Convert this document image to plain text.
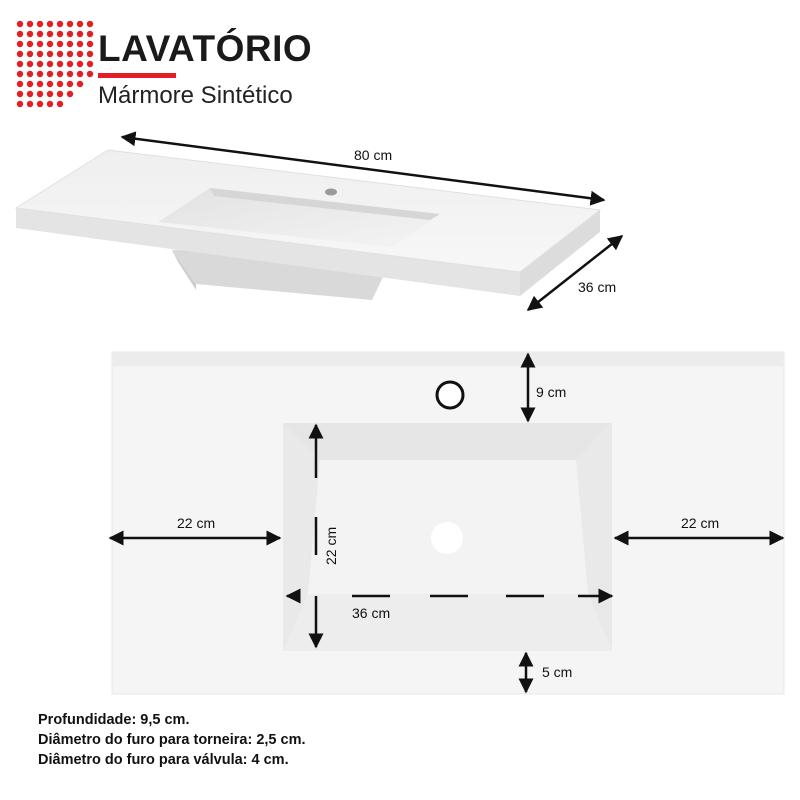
80 cm
36 cm
9 cm
22 cm	22 cm
22 cm
36 cm
5 cm
LAVATÓRIO
Mármore Sintético
Profundidade: 9,5 cm.
Diâmetro do furo para torneira: 2,5 cm.
Diâmetro do furo para válvula: 4 cm.
